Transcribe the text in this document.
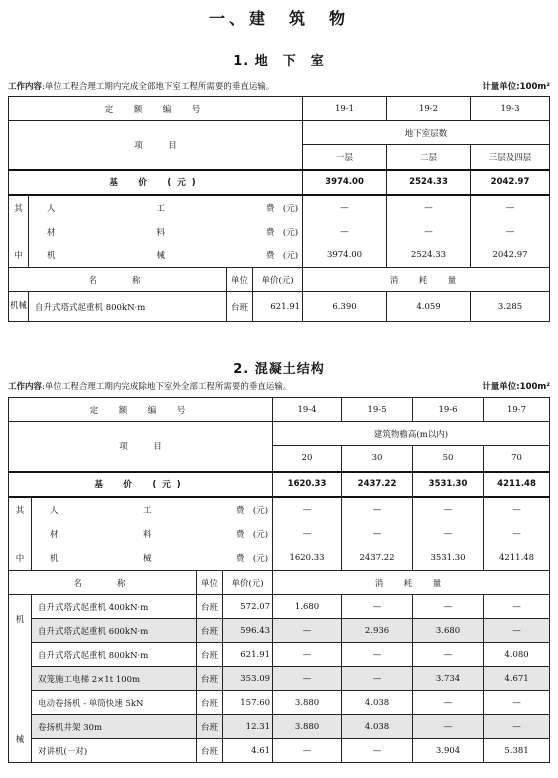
一、建　筑　物
1. 地　下　室
工作内容:单位工程合理工期内完成全部地下室工程所需要的垂直运输。	计量单位:100m²
定　额　编　号				19-1	19-2	19-3
项　　　目				地下室层数		
				一层	二层	三层及四层
基　价　(元)				3974.00	2524.33	2042.97
其	人 工 费　(元)			—	—	—

	材 料 费　(元)			—	—	—
中	机 械 费　(元)			3974.00	2524.33	2042.97
名　　称		单位	单价(元)	消　耗　量		
机械	自升式塔式起重机 800kN·m	台班	621.91	6.390	4.059	3.285
2. 混凝土结构
工作内容:单位工程合理工期内完成除地下室外全部工程所需要的垂直运输。	计量单位:100m²
定　额　编　号				19-4	19-5	19-6	19-7
项　　　目				建筑物檐高(m以内)			
				20	30	50	70
基　价　(元)				1620.33	2437.22	3531.30	4211.48
其	人 工 费　(元)			—	—	—	—

	材 料 费　(元)			—	—	—	—
中	机 械 费　(元)			1620.33	2437.22	3531.30	4211.48
名　　称		单位	单价(元)	消　耗　量			

机
械	自升式塔式起重机 400kN·m	台班	572.07	1.680	—	—	—
	自升式塔式起重机 600kN·m	台班	596.43	—	2.936	3.680	—
	自升式塔式起重机 800kN·m	台班	621.91	—	—	—	4.080
	双笼施工电梯 2×1t 100m	台班	353.09	—	—	3.734	4.671
	电动卷扬机 - 单筒快速 5kN	台班	157.60	3.880	4.038	—	—
	卷扬机井架 30m	台班	12.31	3.880	4.038	—	—
	对讲机(一对)	台班	4.61	—	—	3.904	5.381
